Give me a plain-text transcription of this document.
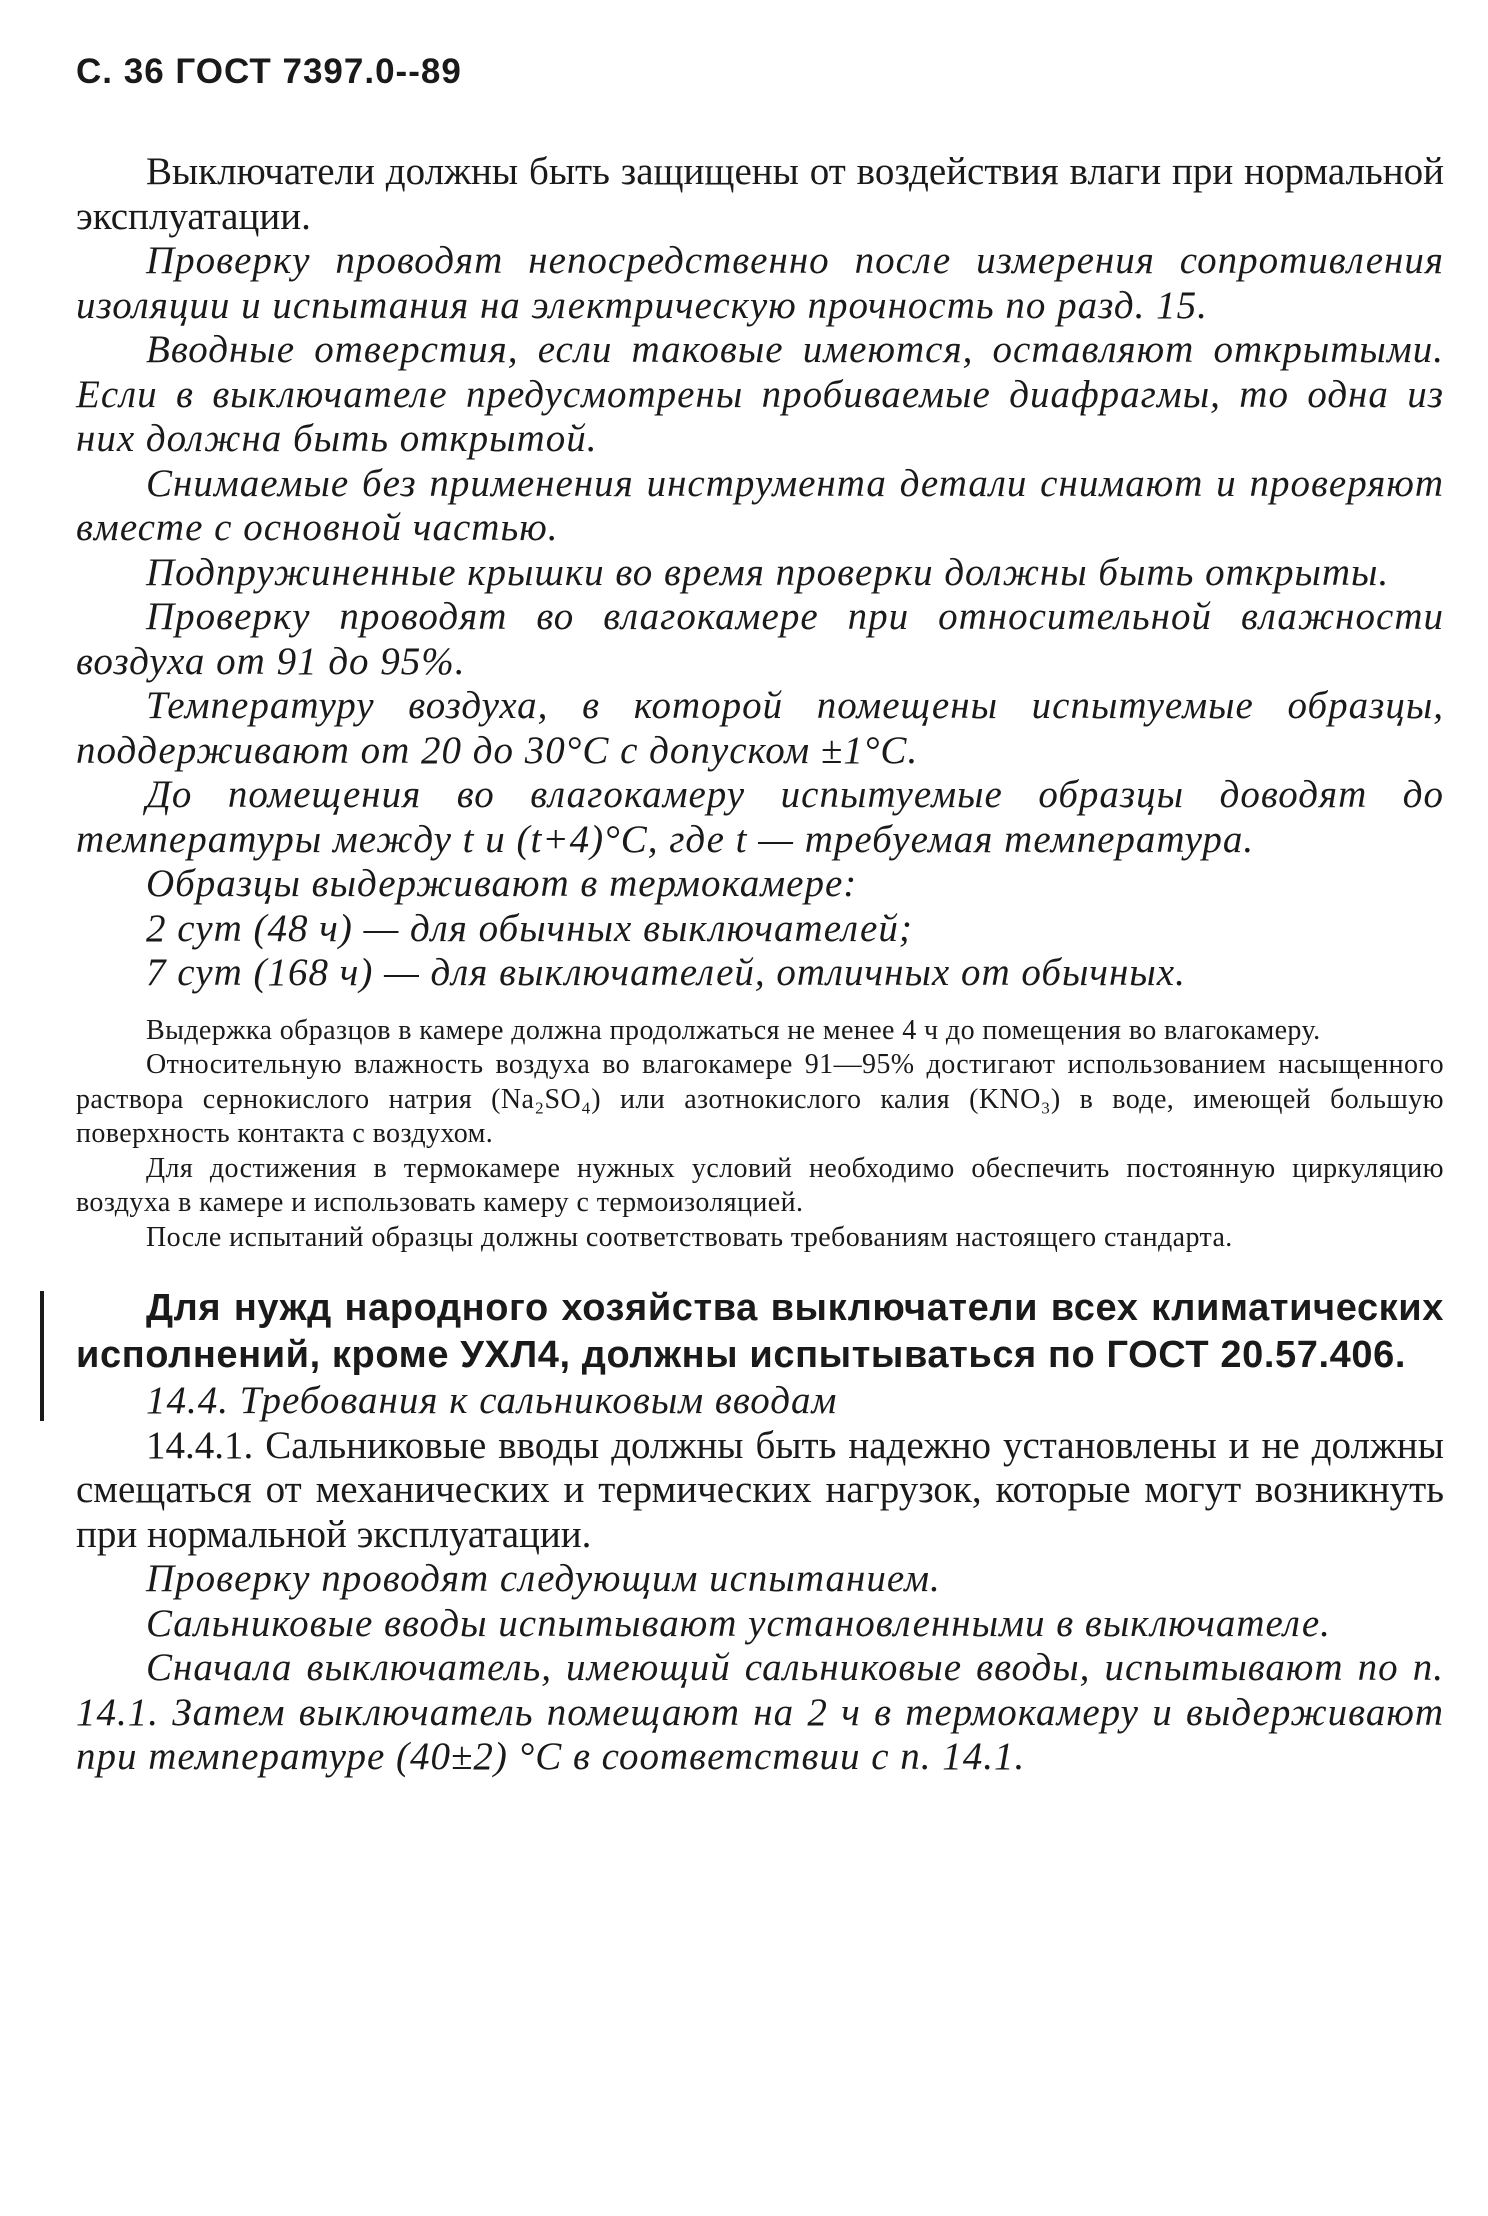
С. 36 ГОСТ 7397.0--89

Выключатели должны быть защищены от воздействия влаги при нормальной эксплуатации.

Проверку проводят непосредственно после измерения сопротивления изоляции и испытания на электрическую прочность по разд. 15.

Вводные отверстия, если таковые имеются, оставляют открытыми. Если в выключателе предусмотрены пробиваемые диафрагмы, то одна из них должна быть открытой.

Снимаемые без применения инструмента детали снимают и проверяют вместе с основной частью.

Подпружиненные крышки во время проверки должны быть открыты.

Проверку проводят во влагокамере при относительной влажности воздуха от 91 до 95%.

Температуру воздуха, в которой помещены испытуемые образцы, поддерживают от 20 до 30°С с допуском ±1°С.

До помещения во влагокамеру испытуемые образцы доводят до температуры между t и (t+4)°С, где t — требуемая температура.

Образцы выдерживают в термокамере:

2 сут (48 ч) — для обычных выключателей;

7 сут (168 ч) — для выключателей, отличных от обычных.

Выдержка образцов в камере должна продолжаться не менее 4 ч до помещения во влагокамеру.

Относительную влажность воздуха во влагокамере 91—95% достигают использованием насыщенного раствора сернокислого натрия (Na₂SO₄) или азотнокислого калия (KNO₃) в воде, имеющей большую поверхность контакта с воздухом.

Для достижения в термокамере нужных условий необходимо обеспечить постоянную циркуляцию воздуха в камере и использовать камеру с термоизоляцией.

После испытаний образцы должны соответствовать требованиям настоящего стандарта.

Для нужд народного хозяйства выключатели всех климатических исполнений, кроме УХЛ4, должны испытываться по ГОСТ 20.57.406.

14.4. Требования к сальниковым вводам

14.4.1. Сальниковые вводы должны быть надежно установлены и не должны смещаться от механических и термических нагрузок, которые могут возникнуть при нормальной эксплуатации.

Проверку проводят следующим испытанием.

Сальниковые вводы испытывают установленными в выключателе.

Сначала выключатель, имеющий сальниковые вводы, испытывают по п. 14.1. Затем выключатель помещают на 2 ч в термокамеру и выдерживают при температуре (40±2) °С в соответствии с п. 14.1.
